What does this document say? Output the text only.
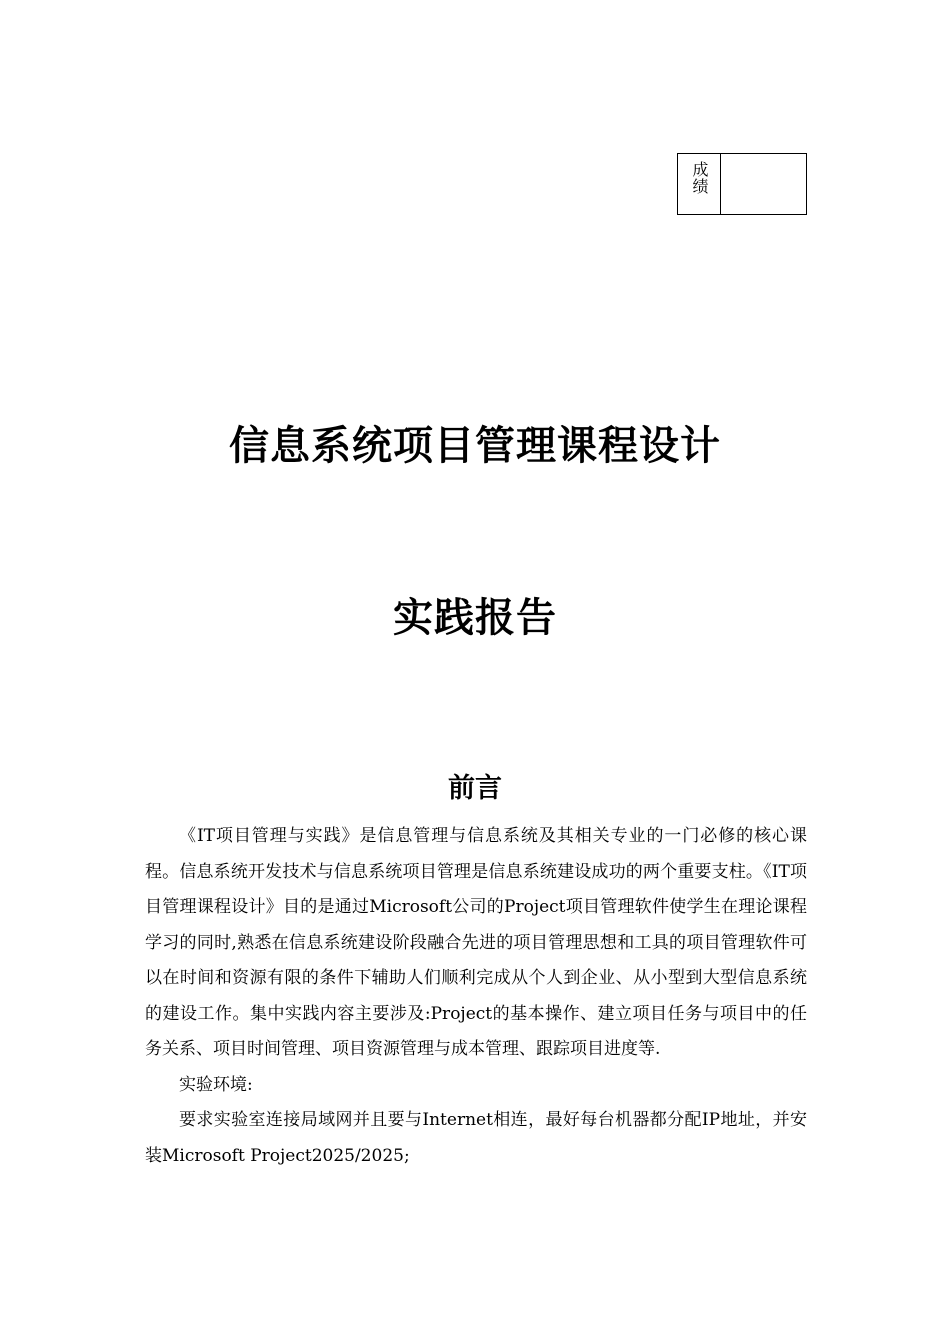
成绩
信息系统项目管理课程设计
实践报告
前言

《IT项目管理与实践》是信息管理与信息系统及其相关专业的一门必修的核心课程。信息系统开发技术与信息系统项目管理是信息系统建设成功的两个重要支柱。《IT项目管理课程设计》目的是通过Microsoft公司的Project项目管理软件使学生在理论课程学习的同时,熟悉在信息系统建设阶段融合先进的项目管理思想和工具的项目管理软件可以在时间和资源有限的条件下辅助人们顺利完成从个人到企业、从小型到大型信息系统的建设工作。集中实践内容主要涉及:Project的基本操作、建立项目任务与项目中的任务关系、项目时间管理、项目资源管理与成本管理、跟踪项目进度等.

实验环境:

要求实验室连接局域网并且要与Internet相连，最好每台机器都分配IP地址，并安装Microsoft Project2025/2025;
